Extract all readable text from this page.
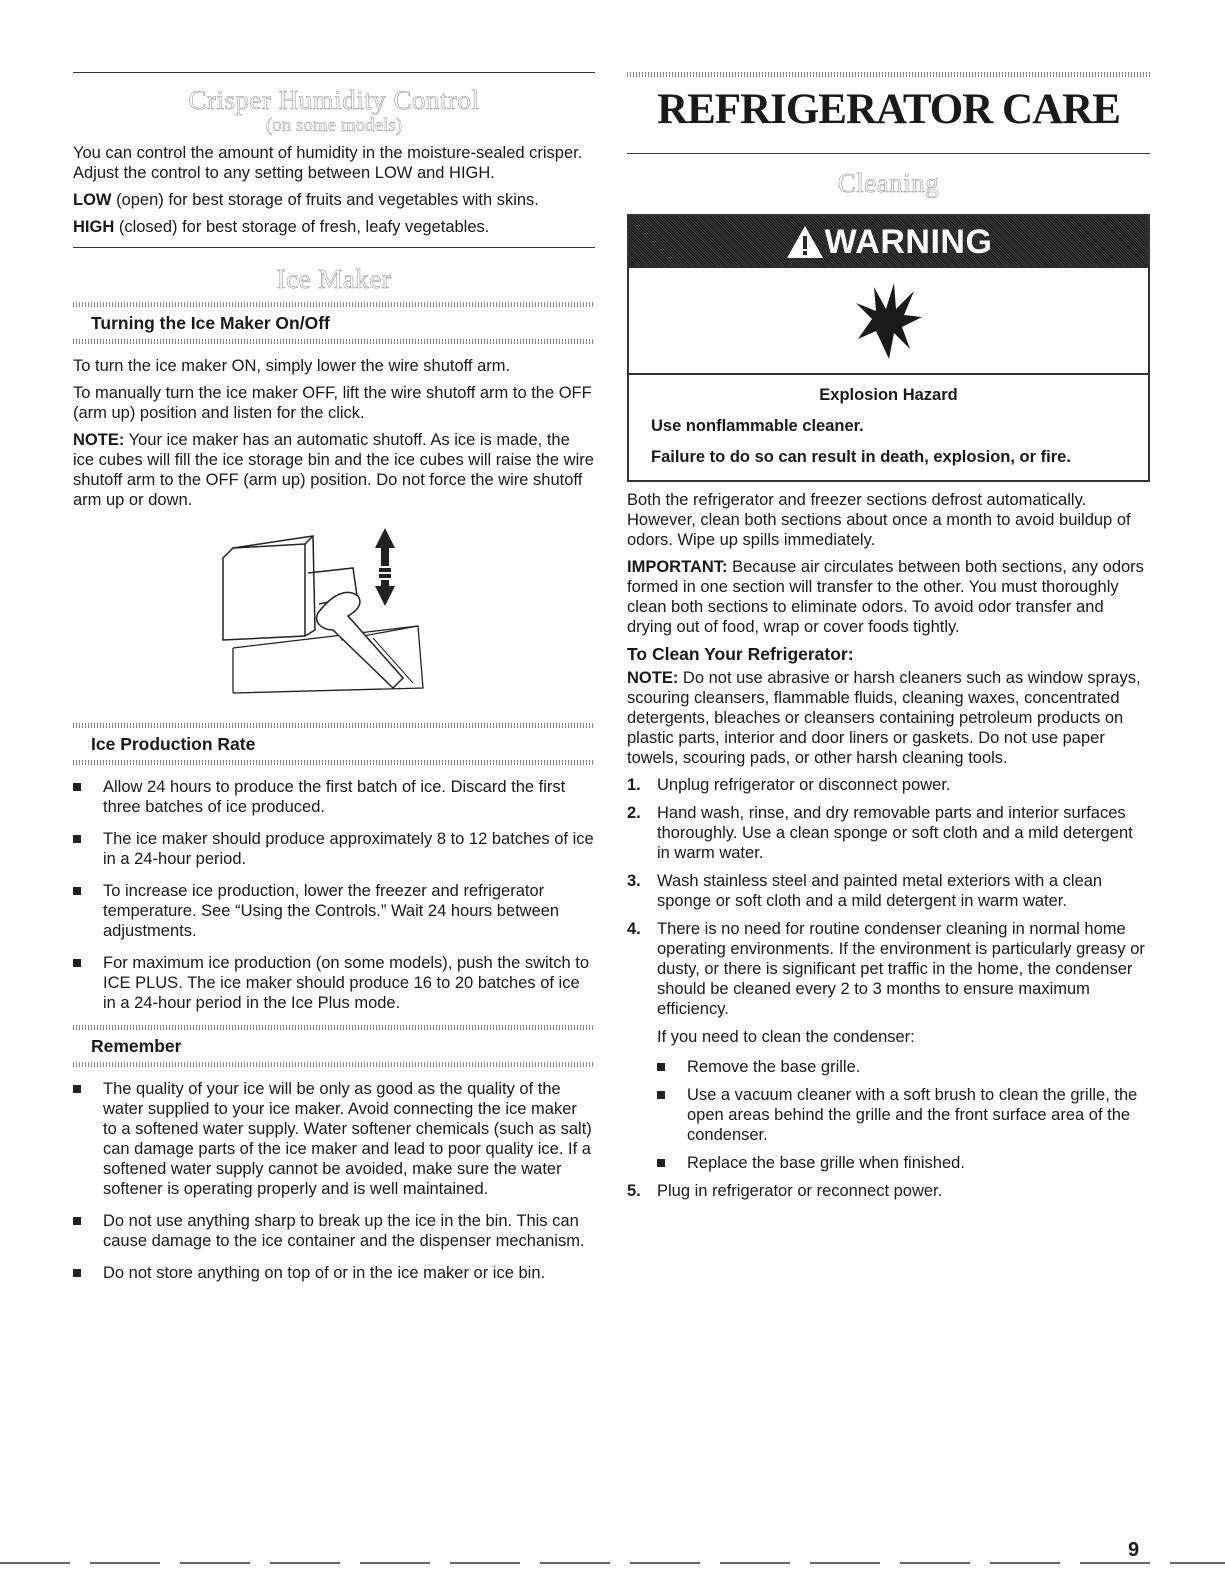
Crisper Humidity Control
(on some models)

You can control the amount of humidity in the moisture-sealed crisper. Adjust the control to any setting between LOW and HIGH.

LOW (open) for best storage of fruits and vegetables with skins.

HIGH (closed) for best storage of fresh, leafy vegetables.

Ice Maker
Turning the Ice Maker On/Off

To turn the ice maker ON, simply lower the wire shutoff arm.

To manually turn the ice maker OFF, lift the wire shutoff arm to the OFF (arm up) position and listen for the click.

NOTE: Your ice maker has an automatic shutoff. As ice is made, the ice cubes will fill the ice storage bin and the ice cubes will raise the wire shutoff arm to the OFF (arm up) position. Do not force the wire shutoff arm up or down.

Ice Production Rate
Allow 24 hours to produce the first batch of ice. Discard the first three batches of ice produced.
The ice maker should produce approximately 8 to 12 batches of ice in a 24-hour period.
To increase ice production, lower the freezer and refrigerator temperature. See “Using the Controls.” Wait 24 hours between adjustments.
For maximum ice production (on some models), push the switch to ICE PLUS. The ice maker should produce 16 to 20 batches of ice in a 24-hour period in the Ice Plus mode.
Remember
The quality of your ice will be only as good as the quality of the water supplied to your ice maker. Avoid connecting the ice maker to a softened water supply. Water softener chemicals (such as salt) can damage parts of the ice maker and lead to poor quality ice. If a softened water supply cannot be avoided, make sure the water softener is operating properly and is well maintained.
Do not use anything sharp to break up the ice in the bin. This can cause damage to the ice container and the dispenser mechanism.
Do not store anything on top of or in the ice maker or ice bin.
REFRIGERATOR CARE
Cleaning
WARNING
Explosion Hazard

Use nonflammable cleaner.

Failure to do so can result in death, explosion, or fire.

Both the refrigerator and freezer sections defrost automatically. However, clean both sections about once a month to avoid buildup of odors. Wipe up spills immediately.

IMPORTANT: Because air circulates between both sections, any odors formed in one section will transfer to the other. You must thoroughly clean both sections to eliminate odors. To avoid odor transfer and drying out of food, wrap or cover foods tightly.

To Clean Your Refrigerator:

NOTE: Do not use abrasive or harsh cleaners such as window sprays, scouring cleansers, flammable fluids, cleaning waxes, concentrated detergents, bleaches or cleansers containing petroleum products on plastic parts, interior and door liners or gaskets. Do not use paper towels, scouring pads, or other harsh cleaning tools.

1. Unplug refrigerator or disconnect power.
2. Hand wash, rinse, and dry removable parts and interior surfaces thoroughly. Use a clean sponge or soft cloth and a mild detergent in warm water.
3. Wash stainless steel and painted metal exteriors with a clean sponge or soft cloth and a mild detergent in warm water.
4. There is no need for routine condenser cleaning in normal home operating environments. If the environment is particularly greasy or dusty, or there is significant pet traffic in the home, the condenser should be cleaned every 2 to 3 months to ensure maximum efficiency.
If you need to clean the condenser:
Remove the base grille.
Use a vacuum cleaner with a soft brush to clean the grille, the open areas behind the grille and the front surface area of the condenser.
Replace the base grille when finished.
5. Plug in refrigerator or reconnect power.
9
